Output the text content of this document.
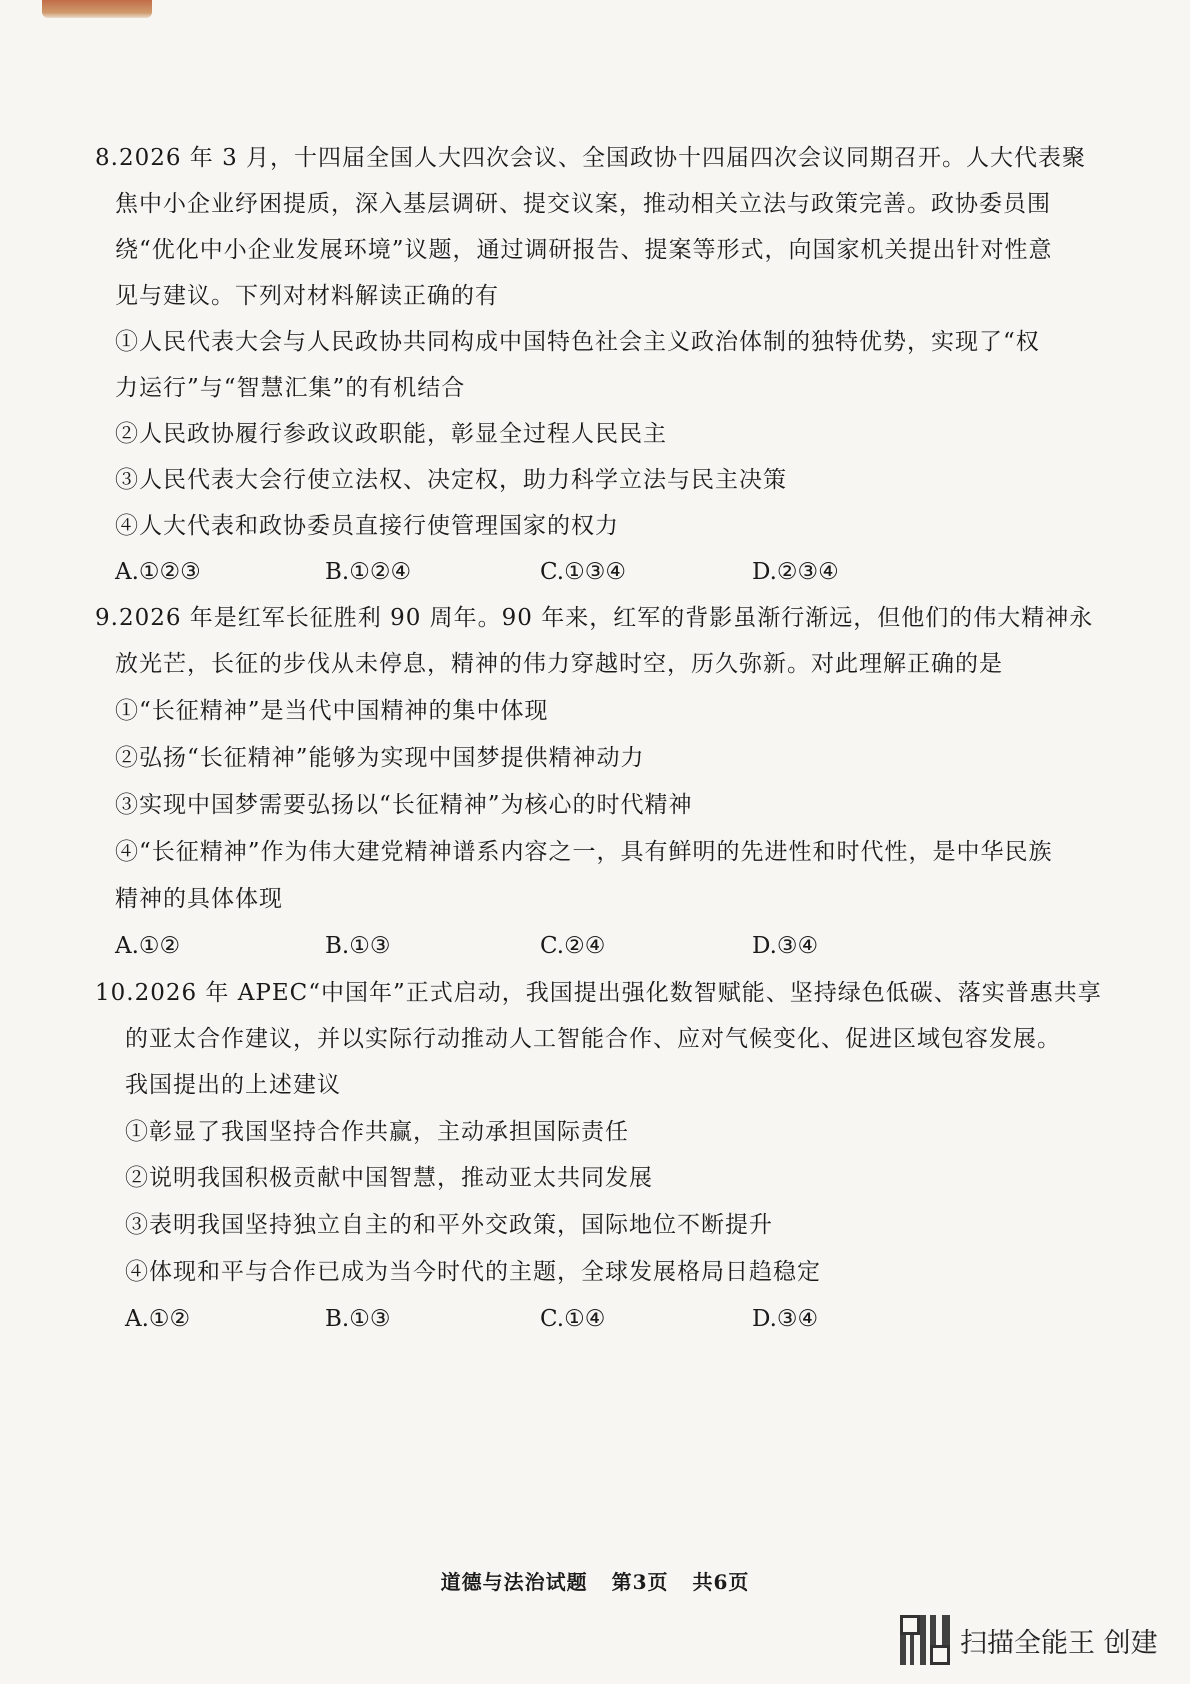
8.2026 年 3 月，十四届全国人大四次会议、全国政协十四届四次会议同期召开。人大代表聚
焦中小企业纾困提质，深入基层调研、提交议案，推动相关立法与政策完善。政协委员围
绕“优化中小企业发展环境”议题，通过调研报告、提案等形式，向国家机关提出针对性意
见与建议。下列对材料解读正确的有
①人民代表大会与人民政协共同构成中国特色社会主义政治体制的独特优势，实现了“权
力运行”与“智慧汇集”的有机结合
②人民政协履行参政议政职能，彰显全过程人民民主
③人民代表大会行使立法权、决定权，助力科学立法与民主决策
④人大代表和政协委员直接行使管理国家的权力
A.①②③	B.①②④	C.①③④	D.②③④
9.2026 年是红军长征胜利 90 周年。90 年来，红军的背影虽渐行渐远，但他们的伟大精神永
放光芒，长征的步伐从未停息，精神的伟力穿越时空，历久弥新。对此理解正确的是
①“长征精神”是当代中国精神的集中体现
②弘扬“长征精神”能够为实现中国梦提供精神动力
③实现中国梦需要弘扬以“长征精神”为核心的时代精神
④“长征精神”作为伟大建党精神谱系内容之一，具有鲜明的先进性和时代性，是中华民族
精神的具体体现
A.①②	B.①③	C.②④	D.③④
10.2026 年 APEC“中国年”正式启动，我国提出强化数智赋能、坚持绿色低碳、落实普惠共享
的亚太合作建议，并以实际行动推动人工智能合作、应对气候变化、促进区域包容发展。
我国提出的上述建议
①彰显了我国坚持合作共赢，主动承担国际责任
②说明我国积极贡献中国智慧，推动亚太共同发展
③表明我国坚持独立自主的和平外交政策，国际地位不断提升
④体现和平与合作已成为当今时代的主题，全球发展格局日趋稳定
A.①②	B.①③	C.①④	D.③④
道德与法治试题 第3页 共6页
扫描全能王 创建
